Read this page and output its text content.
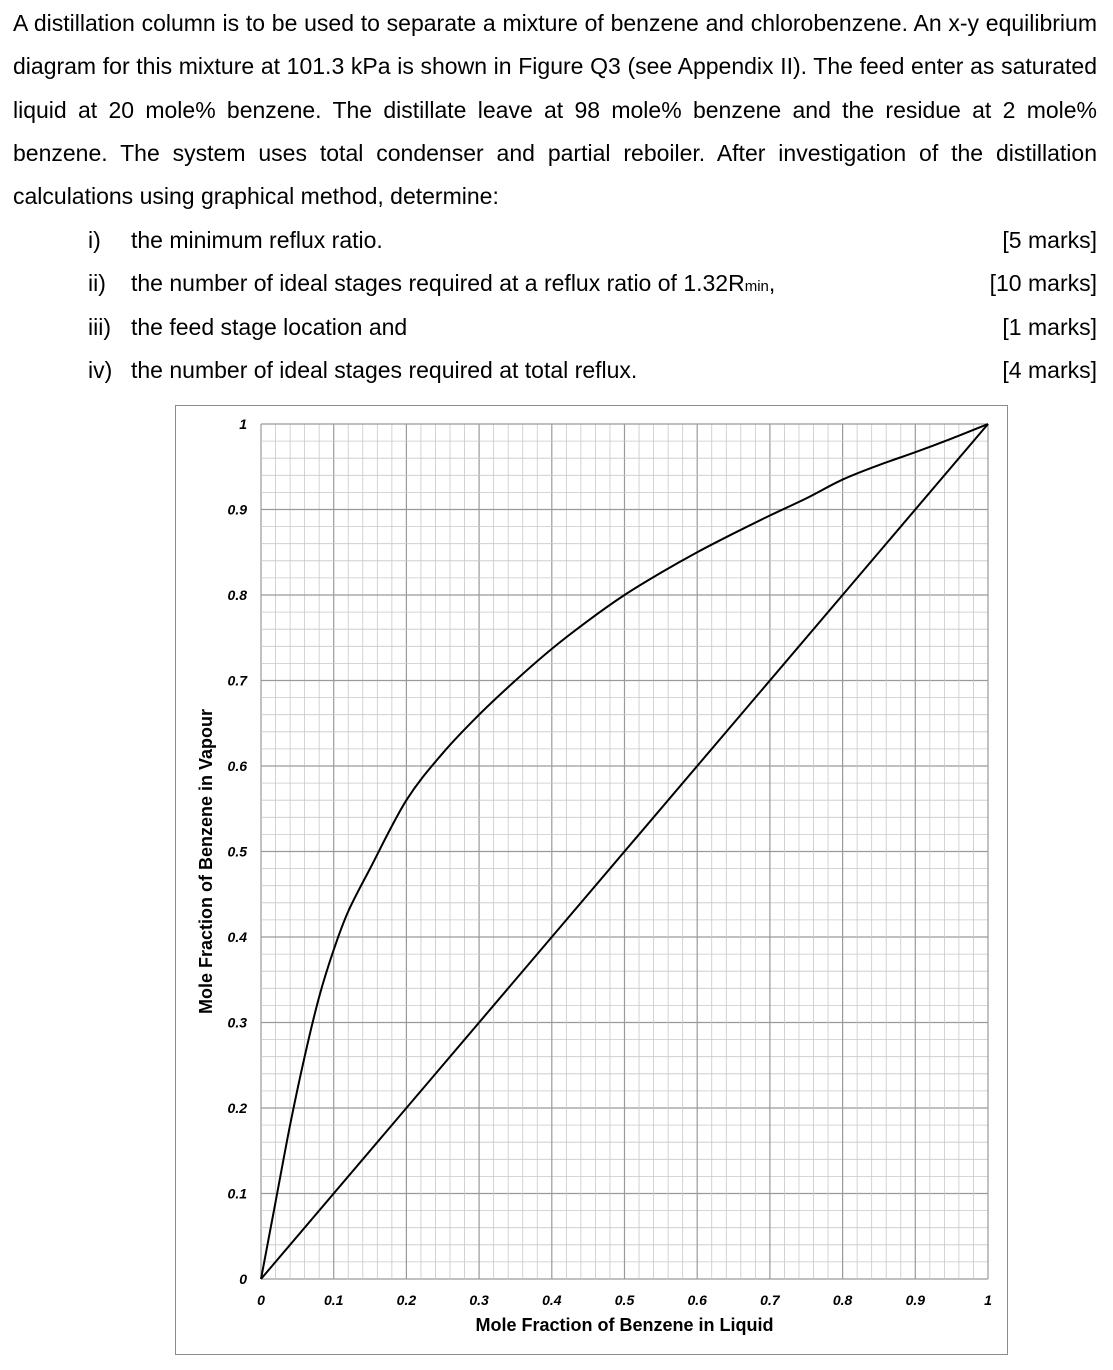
A distillation column is to be used to separate a mixture of benzene and chlorobenzene. An x-y equilibrium diagram for this mixture at 101.3 kPa is shown in Figure Q3 (see Appendix II). The feed enter as saturated liquid at 20 mole% benzene. The distillate leave at 98 mole% benzene and the residue at 2 mole% benzene. The system uses total condenser and partial reboiler. After investigation of the distillation calculations using graphical method, determine:

i) the minimum reflux ratio.	[5 marks]
ii) the number of ideal stages required at a reflux ratio of 1.32Rmin,	[10 marks]
iii) the feed stage location and	[1 marks]
iv) the number of ideal stages required at total reflux.	[4 marks]
0	0.1	0.2	0.3	0.4	0.5	0.6	0.7	0.8	0.9	1
0
0.1
0.2
0.3
0.4
0.5
0.6
0.7
0.8
0.9
1
Mole Fraction of Benzene in Liquid
Mole Fraction of Benzene in Vapour
